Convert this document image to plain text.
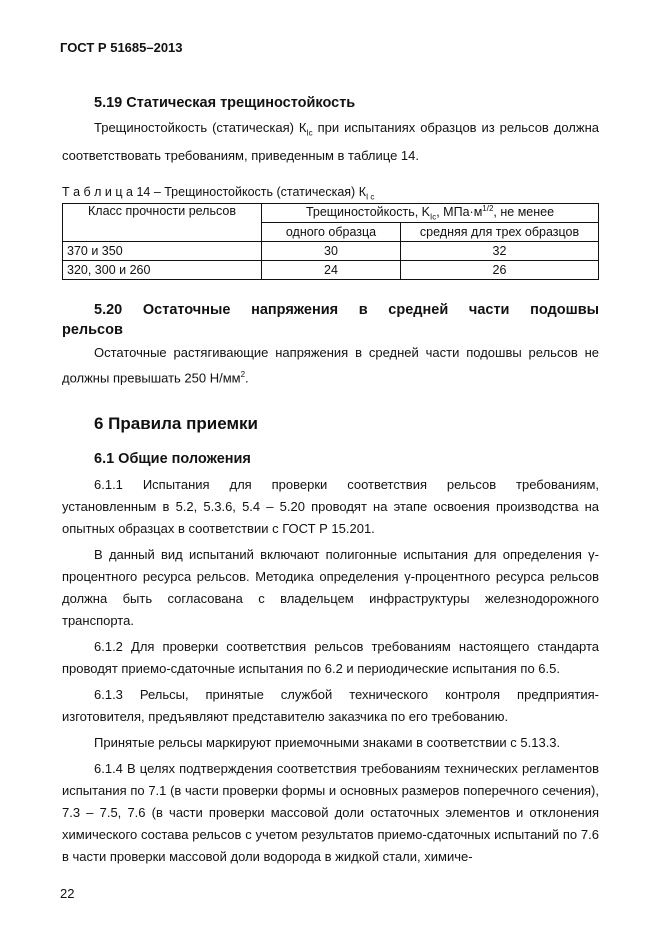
ГОСТ Р 51685–2013
5.19 Статическая трещиностойкость
Трещиностойкость (статическая) $К_{Ic}$ при испытаниях образцов из рельсов должна соответствовать требованиям, приведенным в таблице 14.
Т а б л и ц а 14 – Трещиностойкость (статическая) $К_{I c}$
Класс прочности рельсов	Трещиностойкость, $K_{Ic}$, $МПа\cdot м^{1/2}$, не менее	
	одного образца	средняя для трех образцов
370 и 350	30	32
320, 300 и 260	24	26
5.20 Остаточные напряжения в средней части подошвы
рельсов
Остаточные растягивающие напряжения в средней части подошвы рельсов не должны превышать 250 $Н/мм^2$.
6 Правила приемки
6.1 Общие положения
6.1.1 Испытания для проверки соответствия рельсов требованиям, установленным в 5.2, 5.3.6, 5.4 – 5.20 проводят на этапе освоения производства на опытных образцах в соответствии с ГОСТ Р 15.201.
В данный вид испытаний включают полигонные испытания для определения γ-процентного ресурса рельсов. Методика определения γ-процентного ресурса рельсов должна быть согласована с владельцем инфраструктуры железнодорожного транспорта.
6.1.2 Для проверки соответствия рельсов требованиям настоящего стандарта проводят приемо-сдаточные испытания по 6.2 и периодические испытания по 6.5.
6.1.3 Рельсы, принятые службой технического контроля предприятия-изготовителя, предъявляют представителю заказчика по его требованию.
Принятые рельсы маркируют приемочными знаками в соответствии с 5.13.3.
6.1.4 В целях подтверждения соответствия требованиям технических регламентов испытания по 7.1 (в части проверки формы и основных размеров поперечного сечения), 7.3 – 7.5, 7.6 (в части проверки массовой доли остаточных элементов и отклонения химического состава рельсов с учетом результатов приемо-сдаточных испытаний по 7.6 в части проверки массовой доли водорода в жидкой стали, химиче-
22
